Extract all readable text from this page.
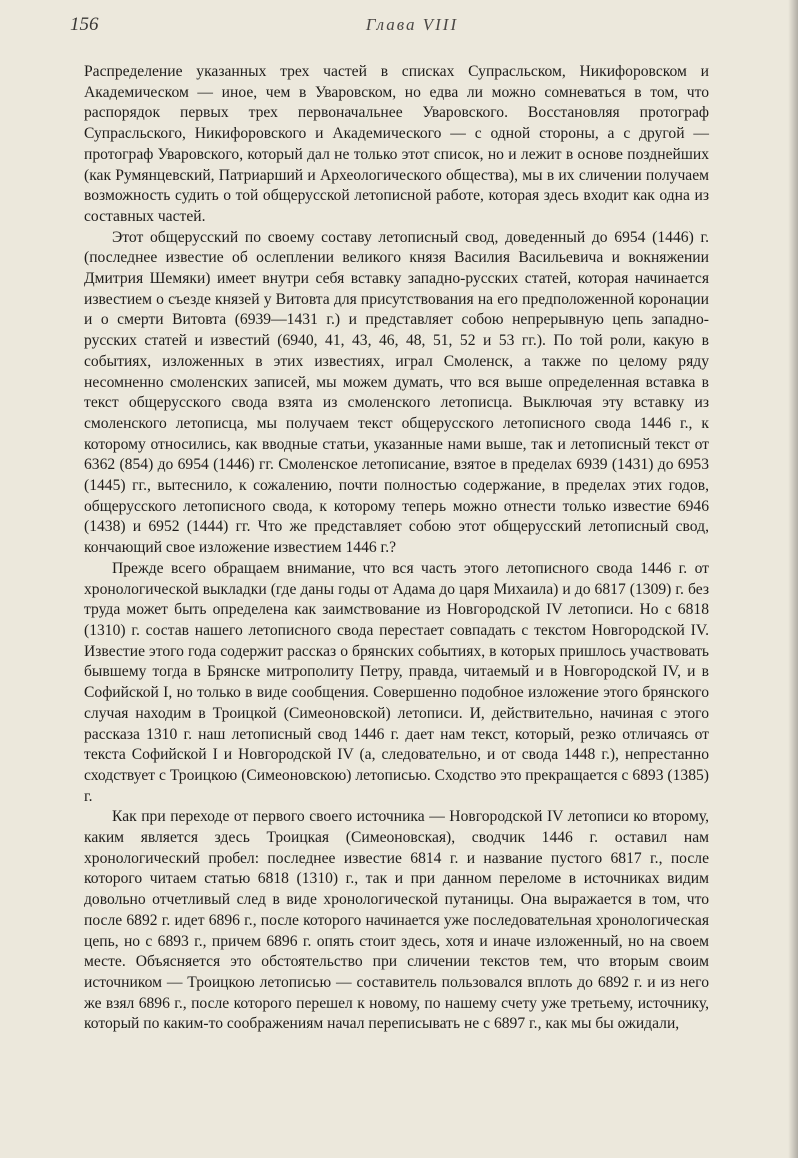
156	Глава VIII

Распределение указанных трех частей в списках Супрасльском, Никифоровском и Академическом — иное, чем в Уваровском, но едва ли можно сомневаться в том, что распорядок первых трех первоначальнее Уваровского. Восстановляя протограф Супрасльского, Никифоровского и Академического — с одной стороны, а с другой — протограф Уваровского, который дал не только этот список, но и лежит в основе позднейших (как Румянцевский, Патриарший и Археологического общества), мы в их сличении получаем возможность судить о той общерусской летописной работе, которая здесь входит как одна из составных частей.

Этот общерусский по своему составу летописный свод, доведенный до 6954 (1446) г. (последнее известие об ослеплении великого князя Василия Васильевича и вокняжении Дмитрия Шемяки) имеет внутри себя вставку западно-русских статей, которая начинается известием о съезде князей у Витовта для присутствования на его предположенной коронации и о смерти Витовта (6939—1431 г.) и представляет собою непрерывную цепь западно-русских статей и известий (6940, 41, 43, 46, 48, 51, 52 и 53 гг.). По той роли, какую в событиях, изложенных в этих известиях, играл Смоленск, а также по целому ряду несомненно смоленских записей, мы можем думать, что вся выше определенная вставка в текст общерусского свода взята из смоленского летописца. Выключая эту вставку из смоленского летописца, мы получаем текст общерусского летописного свода 1446 г., к которому относились, как вводные статьи, указанные нами выше, так и летописный текст от 6362 (854) до 6954 (1446) гг. Смоленское летописание, взятое в пределах 6939 (1431) до 6953 (1445) гг., вытеснило, к сожалению, почти полностью содержание, в пределах этих годов, общерусского летописного свода, к которому теперь можно отнести только известие 6946 (1438) и 6952 (1444) гг. Что же представляет собою этот общерусский летописный свод, кончающий свое изложение известием 1446 г.?

Прежде всего обращаем внимание, что вся часть этого летописного свода 1446 г. от хронологической выкладки (где даны годы от Адама до царя Михаила) и до 6817 (1309) г. без труда может быть определена как заимствование из Новгородской IV летописи. Но с 6818 (1310) г. состав нашего летописного свода перестает совпадать с текстом Новгородской IV. Известие этого года содержит рассказ о брянских событиях, в которых пришлось участвовать бывшему тогда в Брянске митрополиту Петру, правда, читаемый и в Новгородской IV, и в Софийской I, но только в виде сообщения. Совершенно подобное изложение этого брянского случая находим в Троицкой (Симеоновской) летописи. И, действительно, начиная с этого рассказа 1310 г. наш летописный свод 1446 г. дает нам текст, который, резко отличаясь от текста Софийской I и Новгородской IV (а, следовательно, и от свода 1448 г.), непрестанно сходствует с Троицкою (Симеоновскою) летописью. Сходство это прекращается с 6893 (1385) г.

Как при переходе от первого своего источника — Новгородской IV летописи ко второму, каким является здесь Троицкая (Симеоновская), сводчик 1446 г. оставил нам хронологический пробел: последнее известие 6814 г. и название пустого 6817 г., после которого читаем статью 6818 (1310) г., так и при данном переломе в источниках видим довольно отчетливый след в виде хронологической путаницы. Она выражается в том, что после 6892 г. идет 6896 г., после которого начинается уже последовательная хронологическая цепь, но с 6893 г., причем 6896 г. опять стоит здесь, хотя и иначе изложенный, но на своем месте. Объясняется это обстоятельство при сличении текстов тем, что вторым своим источником — Троицкою летописью — составитель пользовался вплоть до 6892 г. и из него же взял 6896 г., после которого перешел к новому, по нашему счету уже третьему, источнику, который по каким-то соображениям начал переписывать не с 6897 г., как мы бы ожидали,
